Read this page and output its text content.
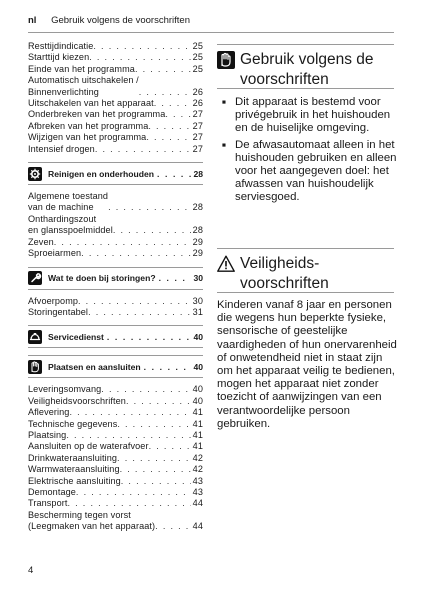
nl Gebruik volgens de voorschriften
Resttijdindicatie . . .	25
Starttijd kiezen . . .	25
Einde van het programma . . .	25
Automatisch uitschakelen /
Binnenverlichting . . .	26
Uitschakelen van het apparaat . . .	26
Onderbreken van het programma . . .	27
Afbreken van het programma . . .	27
Wijzigen van het programma . . .	27
Intensief drogen . . .	27
Reinigen en onderhouden . . .	28
Algemene toestand
van de machine . . .	28
Onthardingszout
en glansspoelmiddel . . .	28
Zeven . . .	29
Sproeiarmen . . .	29
Wat te doen bij storingen? . . .	30
Afvoerpomp . . .	30
Storingentabel . . .	31
Servicedienst . . .	40
Plaatsen en aansluiten . . .	40
Leveringsomvang . . .	40
Veiligheidsvoorschriften . . .	40
Aflevering . . .	41
Technische gegevens . . .	41
Plaatsing . . .	41
Aansluiten op de waterafvoer . . .	41
Drinkwateraansluiting . . .	42
Warmwateraansluiting . . .	42
Elektrische aansluiting . . .	43
Demontage . . .	43
Transport . . .	44
Bescherming tegen vorst
(Leegmaken van het apparaat) . . .	44
Gebruik volgens de
voorschriften
■ Dit apparaat is bestemd voor privégebruik in het huishouden en de huiselijke omgeving.
■ De afwasautomaat alleen in het huishouden gebruiken en alleen voor het aangegeven doel: het afwassen van huishoudelijk serviesgoed.
Veiligheids-
voorschriften

Kinderen vanaf 8 jaar en personen die wegens hun beperkte fysieke, sensorische of geestelijke vaardigheden of hun onervarenheid of onwetendheid niet in staat zijn om het apparaat veilig te bedienen, mogen het apparaat niet zonder toezicht of aanwijzingen van een verantwoordelijke persoon gebruiken.

4
